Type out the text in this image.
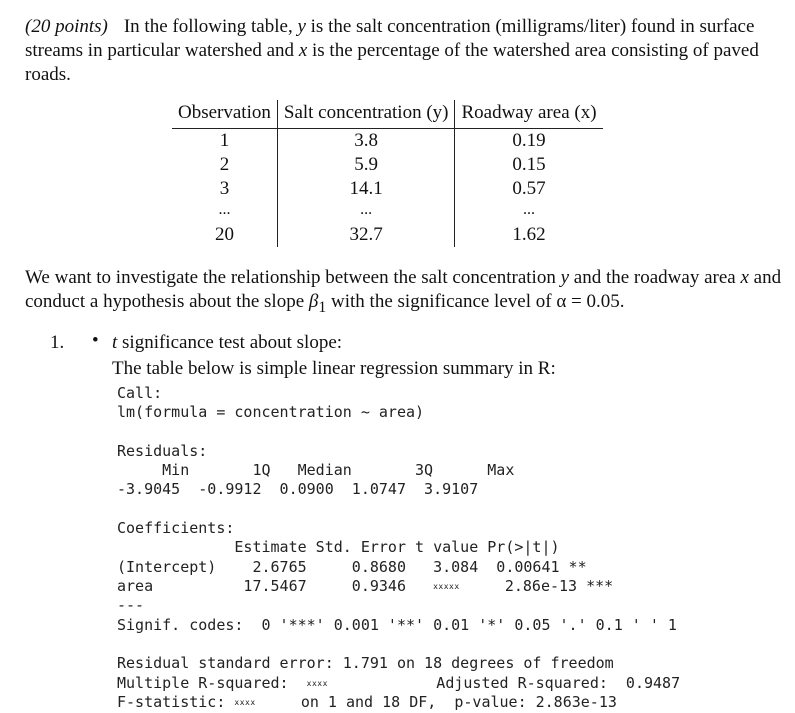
(20 points) In the following table, y is the salt concentration (milligrams/liter) found in surface streams in particular watershed and x is the percentage of the watershed area consisting of paved roads.
Observation	Salt concentration (y)	Roadway area (x)
1	3.8	0.19
2	5.9	0.15
3	14.1	0.57
...	...	...
20	32.7	1.62
We want to investigate the relationship between the salt concentration y and the roadway area x and conduct a hypothesis about the slope $\beta_1$ with the significance level of α = 0.05.
1. • t significance test about slope:
The table below is simple linear regression summary in R:
Call:
lm(formula = concentration ~ area)

Residuals:
Min       1Q   Median       3Q      Max
-3.9045  -0.9912  0.0900  1.0747  3.9107

Coefficients:
Estimate Std. Error t value Pr(>|t|)
(Intercept)    2.6765     0.8680   3.084  0.00641 **
area          17.5467     0.9346   xxxxx     2.86e-13 ***
---
Signif. codes:  0 '***' 0.001 '**' 0.01 '*' 0.05 '.' 0.1 ' ' 1

Residual standard error: 1.791 on 18 degrees of freedom
Multiple R-squared:  xxxx            Adjusted R-squared:  0.9487
F-statistic: xxxx     on 1 and 18 DF,  p-value: 2.863e-13
